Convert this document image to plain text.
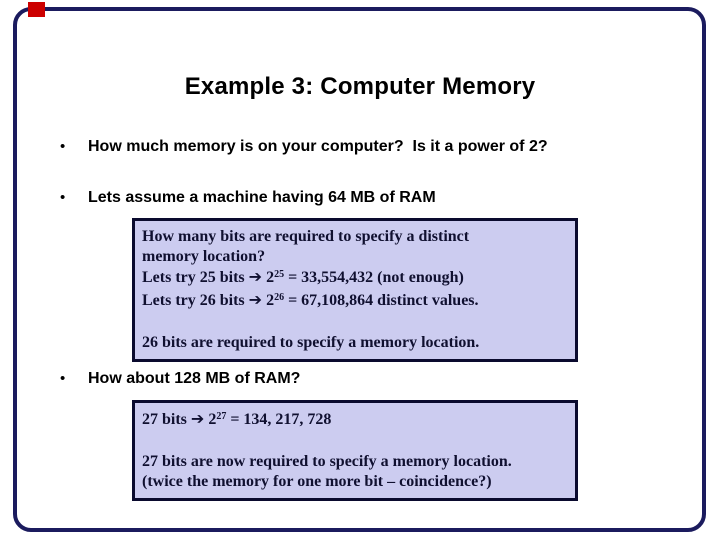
Example 3: Computer Memory
• How much memory is on your computer?  Is it a power of 2?
• Lets assume a machine having 64 MB of RAM
• How about 128 MB of RAM?
How many bits are required to specify a distinct
memory location?
Lets try 25 bits ➔ $2^{25} = 33,554,432$ (not enough)
Lets try 26 bits ➔ $2^{26} = 67,108,864$ distinct values.

26 bits are required to specify a memory location.
27 bits ➔ $2^{27} = 134$, 217, 728

27 bits are now required to specify a memory location.
(twice the memory for one more bit – coincidence?)
